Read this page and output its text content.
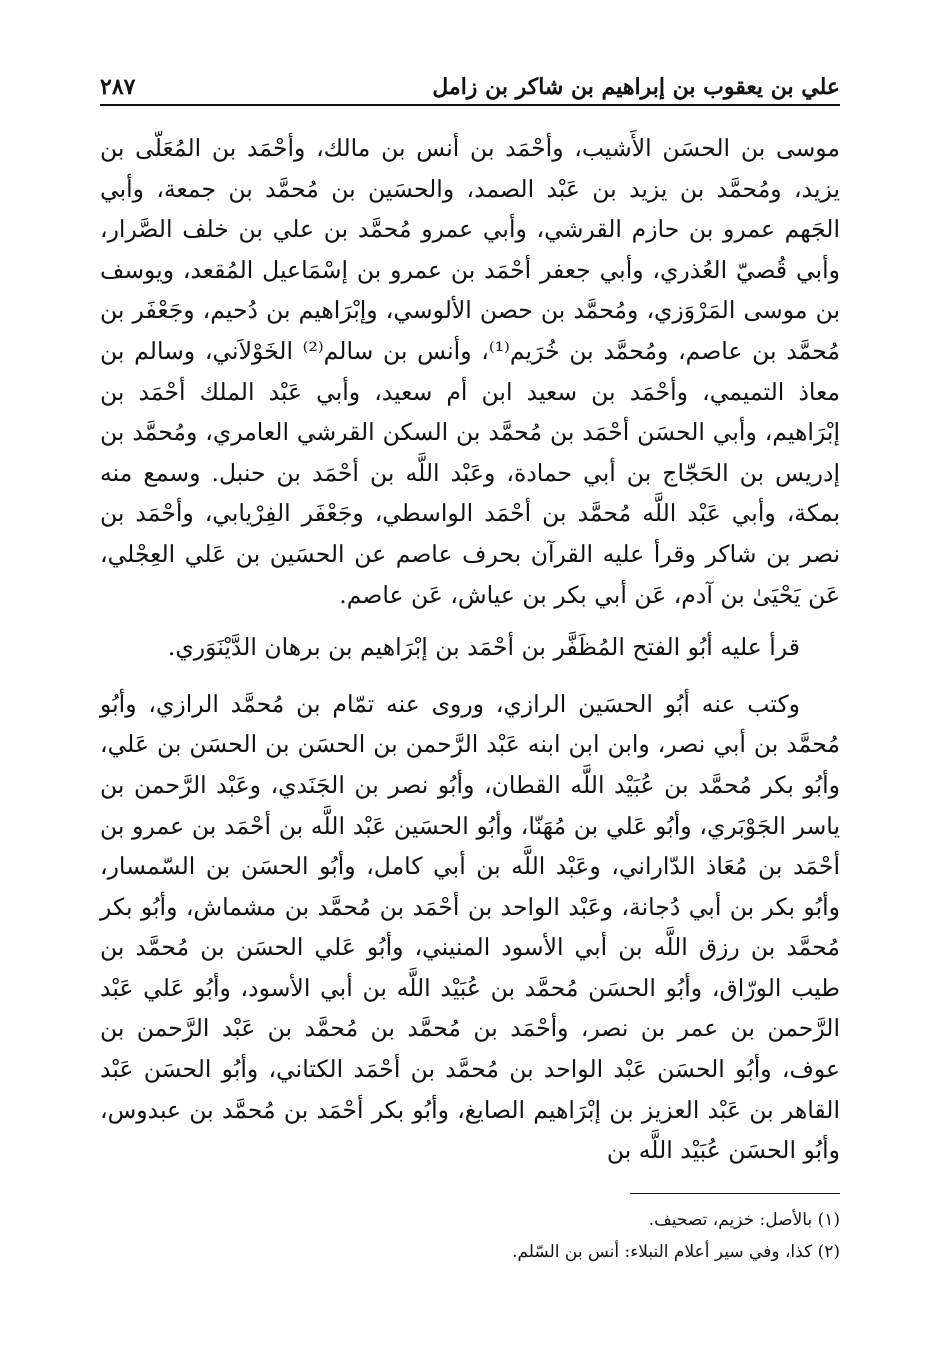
علي بن يعقوب بن إبراهيم بن شاكر بن زامل
٢٨٧

موسى بن الحسَن الأَشيب، وأحْمَد بن أنس بن مالك، وأحْمَد بن المُعَلّى بن يزيد، ومُحمَّد بن يزيد بن عَبْد الصمد، والحسَين بن مُحمَّد بن جمعة، وأبي الجَهم عمرو بن حازم القرشي، وأبي عمرو مُحمَّد بن علي بن خلف الصَّرار، وأبي قُصيّ العُذري، وأبي جعفر أحْمَد بن عمرو بن إسْمَاعيل المُقعد، ويوسف بن موسى المَرْوَزي، ومُحمَّد بن حصن الألوسي، وإبْرَاهيم بن دُحيم، وجَعْفَر بن مُحمَّد بن عاصم، ومُحمَّد بن خُرَيم⁽¹⁾، وأنس بن سالم⁽²⁾ الخَوْلاَني، وسالم بن معاذ التميمي، وأحْمَد بن سعيد ابن أم سعيد، وأبي عَبْد الملك أحْمَد بن إبْرَاهيم، وأبي الحسَن أحْمَد بن مُحمَّد بن السكن القرشي العامري، ومُحمَّد بن إدريس بن الحَجّاج بن أبي حمادة، وعَبْد اللَّه بن أحْمَد بن حنبل. وسمع منه بمكة، وأبي عَبْد اللَّه مُحمَّد بن أحْمَد الواسطي، وجَعْفَر الفِرْيابي، وأحْمَد بن نصر بن شاكر وقرأ عليه القرآن بحرف عاصم عن الحسَين بن عَلي العِجْلي، عَن يَحْيَىٰ بن آدم، عَن أبي بكر بن عياش، عَن عاصم.

قرأ عليه أبُو الفتح المُظَفَّر بن أحْمَد بن إبْرَاهيم بن برهان الدَّيْنَوَري.

وكتب عنه أبُو الحسَين الرازي، وروى عنه تمّام بن مُحمَّد الرازي، وأبُو مُحمَّد بن أبي نصر، وابن ابن ابنه عَبْد الرَّحمن بن الحسَن بن الحسَن بن عَلي، وأبُو بكر مُحمَّد بن عُبَيْد اللَّه القطان، وأبُو نصر بن الجَنَدي، وعَبْد الرَّحمن بن ياسر الجَوْبَري، وأبُو عَلي بن مُهَنّا، وأبُو الحسَين عَبْد اللَّه بن أحْمَد بن عمرو بن أحْمَد بن مُعَاذ الدّاراني، وعَبْد اللَّه بن أبي كامل، وأبُو الحسَن بن السّمسار، وأبُو بكر بن أبي دُجانة، وعَبْد الواحد بن أحْمَد بن مُحمَّد بن مشماش، وأبُو بكر مُحمَّد بن رزق اللَّه بن أبي الأسود المنيني، وأبُو عَلي الحسَن بن مُحمَّد بن طيب الورّاق، وأبُو الحسَن مُحمَّد بن عُبَيْد اللَّه بن أبي الأسود، وأبُو عَلي عَبْد الرَّحمن بن عمر بن نصر، وأحْمَد بن مُحمَّد بن مُحمَّد بن عَبْد الرَّحمن بن عوف، وأبُو الحسَن عَبْد الواحد بن مُحمَّد بن أحْمَد الكتاني، وأبُو الحسَن عَبْد القاهر بن عَبْد العزيز بن إبْرَاهيم الصايغ، وأبُو بكر أحْمَد بن مُحمَّد بن عبدوس، وأبُو الحسَن عُبَيْد اللَّه بن

(١) بالأصل: خزيم، تصحيف.
(٢) كذا، وفي سير أعلام النبلاء: أنس بن السّلم.
